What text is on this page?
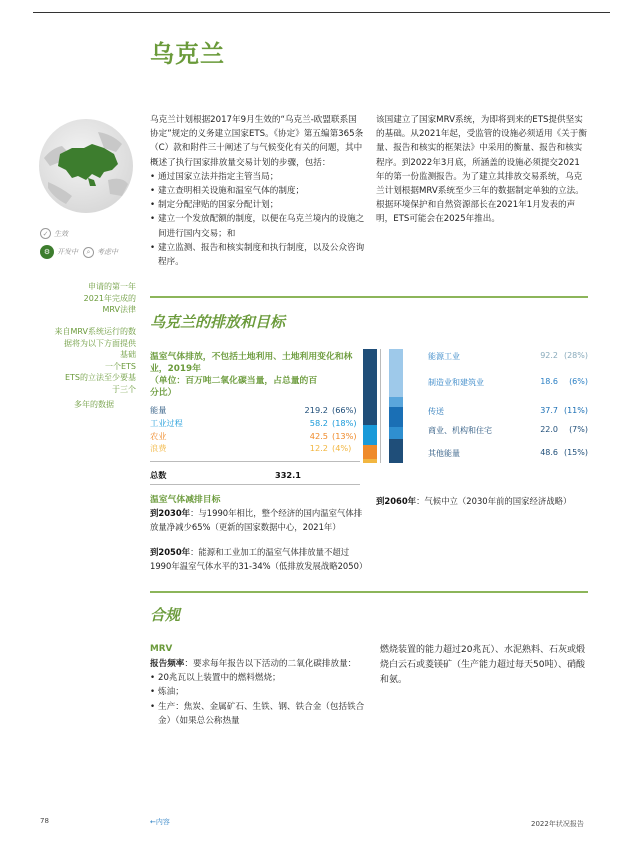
乌克兰
✓ 生效
⚙ 开发中	⌕ 考虑中
申请的第一年
2021年完成的
MRV法律
来自MRV系统运行的数
据将为以下方面提供
基础
一个ETS
ETS的立法至少要基
于三个
多年的数据

乌克兰计划根据2017年9月生效的“乌克兰-欧盟联系国协定”规定的义务建立国家ETS。《协定》第五编第365条（C）款和附件三十阐述了与气候变化有关的问题，其中概述了执行国家排放量交易计划的步骤，包括：

• 通过国家立法并指定主管当局；
• 建立查明相关设施和温室气体的制度；
• 制定分配津贴的国家分配计划；
• 建立一个发放配额的制度，以便在乌克兰境内的设施之间进行国内交易；和
• 建立监测、报告和核实制度和执行制度，以及公众咨询程序。

该国建立了国家MRV系统，为即将到来的ETS提供坚实的基础。从2021年起，受监管的设施必须适用《关于衡量、报告和核实的框架法》中采用的衡量、报告和核实程序。到2022年3月底，所涵盖的设施必须提交2021年的第一份监测报告。为了建立其排放交易系统，乌克兰计划根据MRV系统至少三年的数据制定单独的立法。根据环境保护和自然资源部长在2021年1月发表的声明，ETS可能会在2025年推出。

乌克兰的排放和目标
温室气体排放，不包括土地利用、土地利用变化和林业，2019年
（单位：百万吨二氧化碳当量，占总量的百分比）
能量	219.2 (66%)
工业过程	58.2 (18%)
农业	42.5 (13%)
浪费	12.2 (4%)
总数	332.1
能源工业	92.2 (28%)
制造业和建筑业	18.6	(6%)
传送	37.7 (11%)
商业、机构和住宅	22.0	(7%)
其他能量	48.6 (15%)
温室气体减排目标
到2030年：与1990年相比，整个经济的国内温室气体排放量净减少65%（更新的国家数据中心，2021年）
到2050年：能源和工业加工的温室气体排放量不超过1990年温室气体水平的31-34%（低排放发展战略2050）
到2060年：气候中立（2030年前的国家经济战略）
合规
MRV

报告频率：要求每年报告以下活动的二氧化碳排放量：

• 20兆瓦以上装置中的燃料燃烧；
• 炼油；
• 生产：焦炭、金属矿石、生铁、钢、铁合金（包括铁合金）（如果总公称热量

燃烧装置的能力超过20兆瓦）、水泥熟料、石灰或煅烧白云石或菱镁矿（生产能力超过每天50吨）、硝酸和氨。

78	←内容	2022年状况报告
